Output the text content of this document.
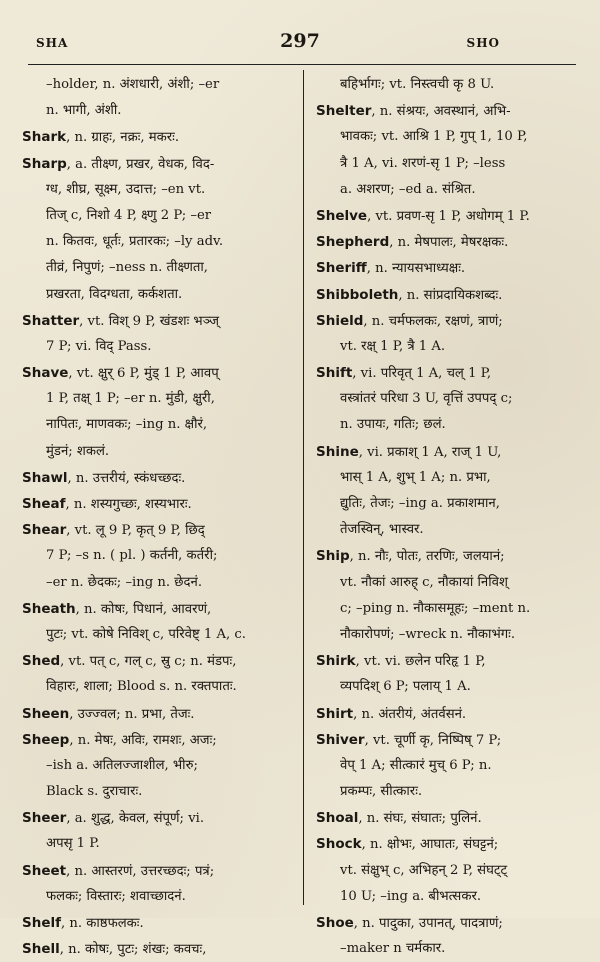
SHA	297	SHO
–holder, n. अंशधारी, अंशी; –er
n. भागी, अंशी.
Shark, n. ग्राहः, नक्रः, मकरः.
Sharp, a. तीक्ष्ण, प्रखर, वेधक, विद-
ग्ध, शीघ्र, सूक्ष्म, उदात्त; –en vt.
तिज् c, निशो 4 P, क्ष्णु 2 P; –er
n. कितवः, धूर्तः, प्रतारकः; –ly adv.
तीव्रं, निपुणं; –ness n. तीक्ष्णता,
प्रखरता, विदग्धता, कर्कशता.
Shatter, vt. विश् 9 P, खंडशः भञ्ज्
7 P; vi. विद् Pass.
Shave, vt. क्षुर् 6 P, मुंड् 1 P, आवप्
1 P, तक्ष् 1 P; –er n. मुंडी, क्षुरी,
नापितः, माणवकः; –ing n. क्षौरं,
मुंडनं; शकलं.
Shawl, n. उत्तरीयं, स्कंधच्छदः.
Sheaf, n. शस्यगुच्छः, शस्यभारः.
Shear, vt. लू 9 P, कृत् 9 P, छिद्
7 P; –s n. ( pl. ) कर्तनी, कर्तरी;
–er n. छेदकः; –ing n. छेदनं.
Sheath, n. कोषः, पिधानं, आवरणं,
पुटः; vt. कोषे निविश् c, परिवेष्ट् 1 A, c.
Shed, vt. पत् c, गल् c, स्रु c; n. मंडपः,
विहारः, शाला; Blood s. n. रक्तपातः.
Sheen, उज्ज्वल; n. प्रभा, तेजः.
Sheep, n. मेषः, अविः, रामशः, अजः;
–ish a. अतिलज्जाशील, भीरु;
Black s. दुराचारः.
Sheer, a. शुद्ध, केवल, संपूर्ण; vi.
अपसृ 1 P.
Sheet, n. आस्तरणं, उत्तरच्छदः; पत्रं;
फलकः; विस्तारः; शवाच्छादनं.
Shelf, n. काष्ठफलकः.
Shell, n. कोषः, पुटः; शंखः; कवचः,
बहिर्भागः; vt. निस्त्वची कृ 8 U.
Shelter, n. संश्रयः, अवस्थानं, अभि-
भावकः; vt. आश्रि 1 P, गुप् 1, 10 P,
त्रै 1 A, vi. शरणं-सृ 1 P; –less
a. अशरण; –ed a. संश्रित.
Shelve, vt. प्रवण-सृ 1 P, अधोगम् 1 P.
Shepherd, n. मेषपालः, मेषरक्षकः.
Sheriff, n. न्यायसभाध्यक्षः.
Shibboleth, n. सांप्रदायिकशब्दः.
Shield, n. चर्मफलकः, रक्षणं, त्राणं;
vt. रक्ष् 1 P, त्रै 1 A.
Shift, vi. परिवृत् 1 A, चल् 1 P,
वस्त्रांतरं परिधा 3 U, वृत्तिं उपपद् c;
n. उपायः, गतिः; छलं.
Shine, vi. प्रकाश् 1 A, राज् 1 U,
भास् 1 A, शुभ् 1 A; n. प्रभा,
द्युतिः, तेजः; –ing a. प्रकाशमान,
तेजस्विन्, भास्वर.
Ship, n. नौः, पोतः, तरणिः, जलयानं;
vt. नौकां आरुह् c, नौकायां निविश्
c; –ping n. नौकासमूहः; –ment n.
नौकारोपणं; –wreck n. नौकाभंगः.
Shirk, vt. vi. छलेन परिहृ 1 P,
व्यपदिश् 6 P; पलाय् 1 A.
Shirt, n. अंतरीयं, अंतर्वसनं.
Shiver, vt. चूर्णी कृ, निष्पिष् 7 P;
वेप् 1 A; सीत्कारं मुच् 6 P; n.
प्रकम्पः, सीत्कारः.
Shoal, n. संघः, संघातः; पुलिनं.
Shock, n. क्षोभः, आघातः, संघट्टनं;
vt. संक्षुभ् c, अभिहन् 2 P, संघट्ट्
10 U; –ing a. बीभत्सकर.
Shoe, n. पादुका, उपानत्, पादत्राणं;
–maker n चर्मकार.
